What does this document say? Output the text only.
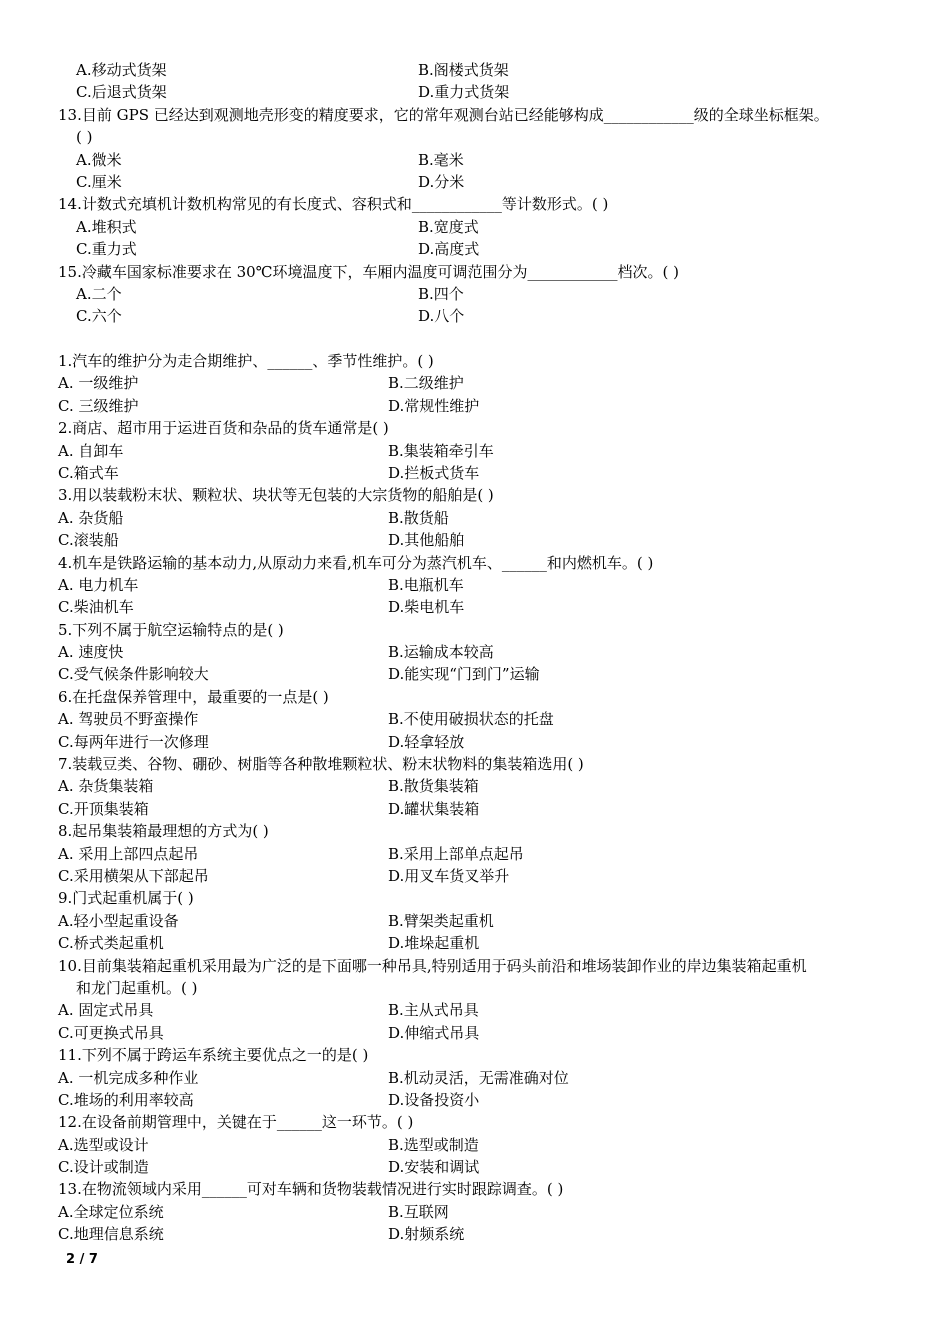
A.移动式货架	B.阁楼式货架
C.后退式货架	D.重力式货架
13.目前 GPS 已经达到观测地壳形变的精度要求，它的常年观测台站已经能够构成____________级的全球坐标框架。
( )
A.微米	B.毫米
C.厘米	D.分米
14.计数式充填机计数机构常见的有长度式、容积式和____________等计数形式。( )
A.堆积式	B.宽度式
C.重力式	D.高度式
15.冷藏车国家标准要求在 30℃环境温度下，车厢内温度可调范围分为____________档次。( )
A.二个	B.四个
C.六个	D.八个
1.汽车的维护分为走合期维护、______、季节性维护。( )
A. 一级维护	B.二级维护
C. 三级维护	D.常规性维护
2.商店、超市用于运进百货和杂品的货车通常是( )
A. 自卸车	B.集装箱牵引车
C.箱式车	D.拦板式货车
3.用以装载粉末状、颗粒状、块状等无包装的大宗货物的船舶是( )
A. 杂货船	B.散货船
C.滚装船	D.其他船舶
4.机车是铁路运输的基本动力,从原动力来看,机车可分为蒸汽机车、______和内燃机车。( )
A. 电力机车	B.电瓶机车
C.柴油机车	D.柴电机车
5.下列不属于航空运输特点的是( )
A. 速度快	B.运输成本较高
C.受气候条件影响较大	D.能实现“门到门”运输
6.在托盘保养管理中，最重要的一点是( )
A. 驾驶员不野蛮操作	B.不使用破损状态的托盘
C.每两年进行一次修理	D.轻拿轻放
7.装载豆类、谷物、硼砂、树脂等各种散堆颗粒状、粉末状物料的集装箱选用( )
A. 杂货集装箱	B.散货集装箱
C.开顶集装箱	D.罐状集装箱
8.起吊集装箱最理想的方式为( )
A. 采用上部四点起吊	B.采用上部单点起吊
C.采用横架从下部起吊	D.用叉车货叉举升
9.门式起重机属于( )
A.轻小型起重设备	B.臂架类起重机
C.桥式类起重机	D.堆垛起重机
10.目前集装箱起重机采用最为广泛的是下面哪一种吊具,特别适用于码头前沿和堆场装卸作业的岸边集装箱起重机
和龙门起重机。( )
A. 固定式吊具	B.主从式吊具
C.可更换式吊具	D.伸缩式吊具
11.下列不属于跨运车系统主要优点之一的是( )
A. 一机完成多种作业	B.机动灵活，无需准确对位
C.堆场的利用率较高	D.设备投资小
12.在设备前期管理中，关键在于______这一环节。( )
A.选型或设计	B.选型或制造
C.设计或制造	D.安装和调试
13.在物流领域内采用______可对车辆和货物装载情况进行实时跟踪调查。( )
A.全球定位系统	B.互联网
C.地理信息系统	D.射频系统
2 / 7
